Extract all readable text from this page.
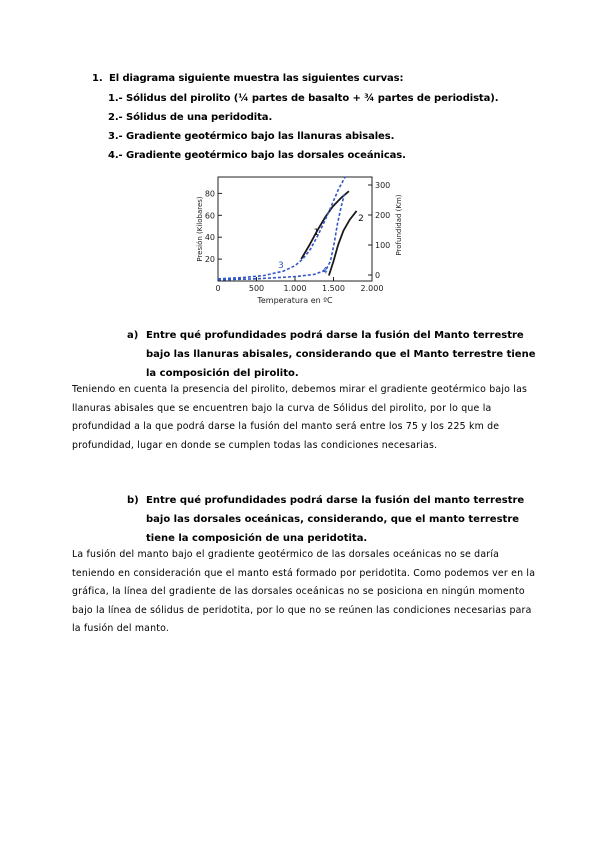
1. El diagrama siguiente muestra las siguientes curvas:
1.- Sólidus del pirolito (¼ partes de basalto + ¾ partes de periodista).
2.- Sólidus de una peridodita.
3.- Gradiente geotérmico bajo las llanuras abisales.
4.- Gradiente geotérmico bajo las dorsales oceánicas.
0	500 1.000 1.500 2.000
20
40
60
80
0
100
200
300
1
2
3
4
Temperatura en ºC
Presión (Kilobares)	Profundidad (Km)
a) Entre qué profundidades podrá darse la fusión del Manto terrestre bajo las llanuras abisales, considerando que el Manto terrestre tiene la composición del pirolito.
Teniendo en cuenta la presencia del pirolito, debemos mirar el gradiente geotérmico bajo las llanuras abisales que se encuentren bajo la curva de Sólidus del pirolito, por lo que la profundidad a la que podrá darse la fusión del manto será entre los 75 y los 225 km de profundidad, lugar en donde se cumplen todas las condiciones necesarias.
b) Entre qué profundidades podrá darse la fusión del manto terrestre bajo las dorsales oceánicas, considerando, que el manto terrestre tiene la composición de una peridotita.
La fusión del manto bajo el gradiente geotérmico de las dorsales oceánicas no se daría teniendo en consideración que el manto está formado por peridotita. Como podemos ver en la gráfica, la línea del gradiente de las dorsales oceánicas no se posiciona en ningún momento bajo la línea de sólidus de peridotita, por lo que no se reúnen las condiciones necesarias para la fusión del manto.
